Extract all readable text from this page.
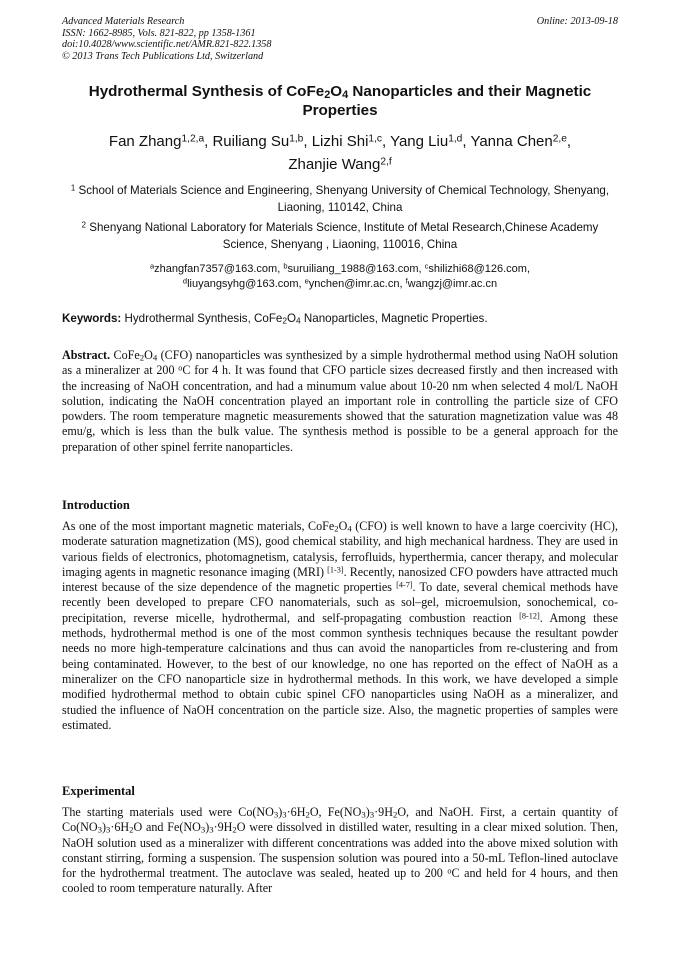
Advanced Materials Research
ISSN: 1662-8985, Vols. 821-822, pp 1358-1361
doi:10.4028/www.scientific.net/AMR.821-822.1358
© 2013 Trans Tech Publications Ltd, Switzerland
Online: 2013-09-18
Hydrothermal Synthesis of $CoFe_2O_4$ Nanoparticles and their Magnetic Properties
Fan Zhang$^{1,2,a}$, Ruiliang Su$^{1,b}$, Lizhi Shi$^{1,c}$, Yang Liu$^{1,d}$, Yanna Chen$^{2,e}$,
Zhanjie Wang$^{2,f}$
$^1$ School of Materials Science and Engineering, Shenyang University of Chemical Technology, Shenyang, Liaoning, 110142, China
$^2$ Shenyang National Laboratory for Materials Science, Institute of Metal Research,Chinese Academy Science, Shenyang , Liaoning, 110016, China
$^a$zhangfan7357@163.com, $^b$suruiliang_1988@163.com, $^c$shilizhi68@126.com,
$^d$liuyangsyhg@163.com, $^e$ynchen@imr.ac.cn, $^f$wangzj@imr.ac.cn
Keywords: Hydrothermal Synthesis, $CoFe_2O_4$ Nanoparticles, Magnetic Properties.
Abstract. $CoFe_2O_4$ (CFO) nanoparticles was synthesized by a simple hydrothermal method using NaOH solution as a mineralizer at 200 $^o$C for 4 h. It was found that CFO particle sizes decreased firstly and then increased with the increasing of NaOH concentration, and had a minumum value about 10-20 nm when selected 4 mol/L NaOH solution, indicating the NaOH concentration played an important role in controlling the particle size of CFO powders. The room temperature magnetic measurements showed that the saturation magnetization value was 48 emu/g, which is less than the bulk value. The synthesis method is possible to be a general approach for the preparation of other spinel ferrite nanoparticles.
Introduction
As one of the most important magnetic materials, $CoFe_2O_4$ (CFO) is well known to have a large coercivity (HC), moderate saturation magnetization (MS), good chemical stability, and high mechanical hardness. They are used in various fields of electronics, photomagnetism, catalysis, ferrofluids, hyperthermia, cancer therapy, and molecular imaging agents in magnetic resonance imaging (MRI) [1-3]. Recently, nanosized CFO powders have attracted much interest because of the size dependence of the magnetic properties [4-7]. To date, several chemical methods have recently been developed to prepare CFO nanomaterials, such as sol–gel, microemulsion, sonochemical, co-precipitation, reverse micelle, hydrothermal, and self-propagating combustion reaction [8-12]. Among these methods, hydrothermal method is one of the most common synthesis techniques because the resultant powder needs no more high-temperature calcinations and thus can avoid the nanoparticles from re-clustering and from being contaminated. However, to the best of our knowledge, no one has reported on the effect of NaOH as a mineralizer on the CFO nanoparticle size in hydrothermal methods. In this work, we have developed a simple modified hydrothermal method to obtain cubic spinel CFO nanoparticles using NaOH as a mineralizer, and studied the influence of NaOH concentration on the particle size. Also, the magnetic properties of samples were estimated.
Experimental
The starting materials used were $Co(NO_3)_3\cdot 6H_2O$, $Fe(NO_3)_3\cdot 9H_2O$, and NaOH. First, a certain quantity of $Co(NO_3)_3\cdot 6H_2O$ and $Fe(NO_3)_3\cdot 9H_2O$ were dissolved in distilled water, resulting in a clear mixed solution. Then, NaOH solution used as a mineralizer with different concentrations was added into the above mixed solution with constant stirring, forming a suspension. The suspension solution was poured into a 50-mL Teflon-lined autoclave for the hydrothermal treatment. The autoclave was sealed, heated up to 200 $^o$C and held for 4 hours, and then cooled to room temperature naturally. After
